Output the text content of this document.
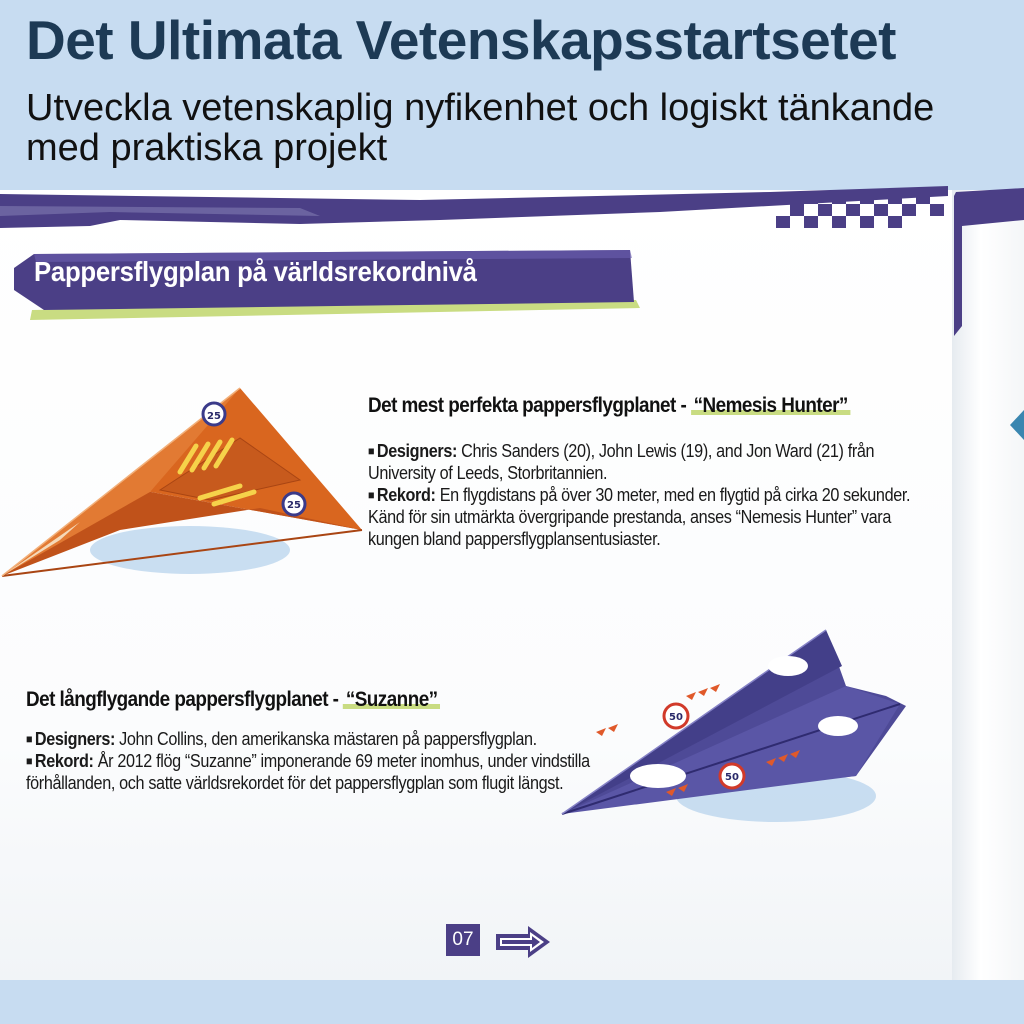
Det Ultimata Vetenskapsstartsetet
Utveckla vetenskaplig nyfikenhet och logiskt tänkande med praktiska projekt
Pappersflygplan på världsrekordnivå
25
25
Det mest perfekta pappersflygplanet - “Nemesis Hunter”

■ Designers: Chris Sanders (20), John Lewis (19), and Jon Ward (21) från University of Leeds, Storbritannien.

■ Rekord: En flygdistans på över 30 meter, med en flygtid på cirka 20 sekunder. Känd för sin utmärkta övergripande prestanda, anses “Nemesis Hunter” vara kungen bland pappersflygplansentusiaster.

50
50
Det långflygande pappersflygplanet - “Suzanne”

■ Designers: John Collins, den amerikanska mästaren på pappersflygplan.

■ Rekord: År 2012 flög “Suzanne” imponerande 69 meter inomhus, under vindstilla förhållanden, och satte världsrekordet för det pappersflygplan som flugit längst.

07
